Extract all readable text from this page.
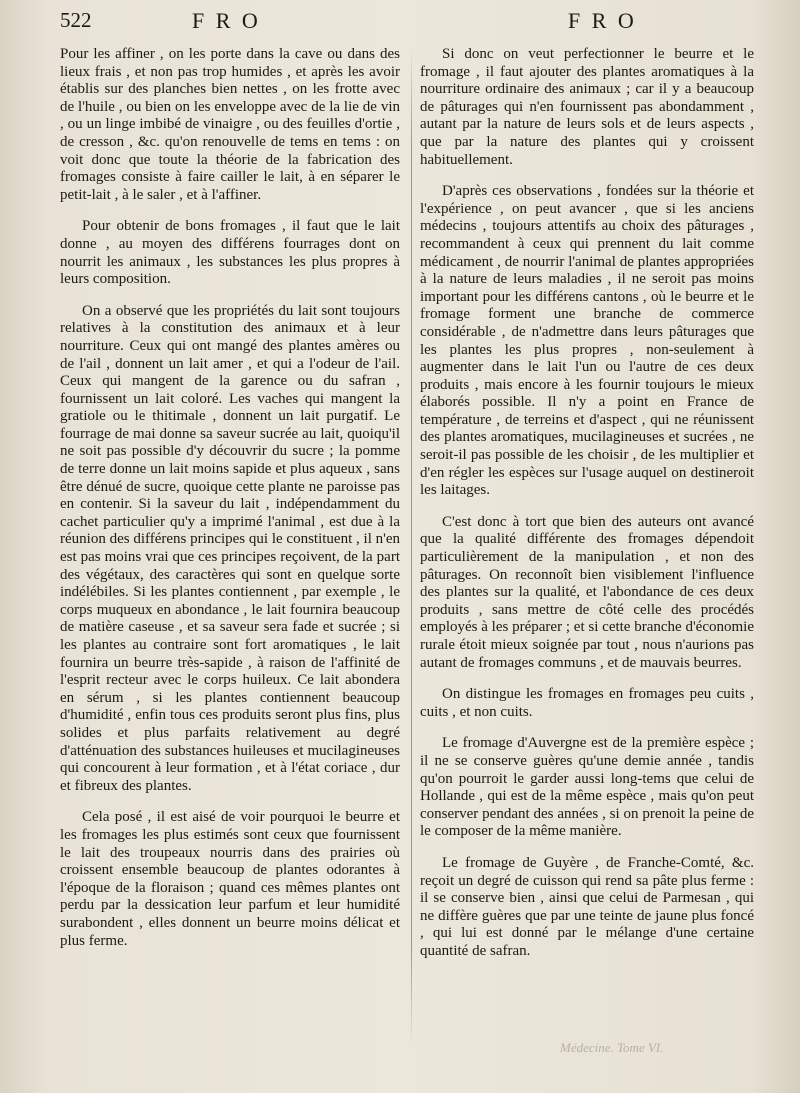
522	F R O	F R O

Pour les affiner , on les porte dans la cave ou dans des lieux frais , et non pas trop humides , et après les avoir établis sur des planches bien nettes , on les frotte avec de l'huile , ou bien on les enveloppe avec de la lie de vin , ou un linge imbibé de vinaigre , ou des feuilles d'ortie , de cresson , &c. qu'on renouvelle de tems en tems : on voit donc que toute la théorie de la fabrication des fromages consiste à faire cailler le lait, à en séparer le petit-lait , à le saler , et à l'affiner.

Pour obtenir de bons fromages , il faut que le lait donne , au moyen des différens fourrages dont on nourrit les animaux , les substances les plus propres à leurs composition.

On a observé que les propriétés du lait sont toujours relatives à la constitution des animaux et à leur nourriture. Ceux qui ont mangé des plantes amères ou de l'ail , donnent un lait amer , et qui a l'odeur de l'ail. Ceux qui mangent de la garence ou du safran , fournissent un lait coloré. Les vaches qui mangent la gratiole ou le thitimale , donnent un lait purgatif. Le fourrage de mai donne sa saveur sucrée au lait, quoiqu'il ne soit pas possible d'y découvrir du sucre ; la pomme de terre donne un lait moins sapide et plus aqueux , sans être dénué de sucre, quoique cette plante ne paroisse pas en contenir. Si la saveur du lait , indépendamment du cachet particulier qu'y a imprimé l'animal , est due à la réunion des différens principes qui le constituent , il n'en est pas moins vrai que ces principes reçoivent, de la part des végétaux, des caractères qui sont en quelque sorte indélébiles. Si les plantes contiennent , par exemple , le corps muqueux en abondance , le lait fournira beaucoup de matière caseuse , et sa saveur sera fade et sucrée ; si les plantes au contraire sont fort aromatiques , le lait fournira un beurre très-sapide , à raison de l'affinité de l'esprit recteur avec le corps huileux. Ce lait abondera en sérum , si les plantes contiennent beaucoup d'humidité , enfin tous ces produits seront plus fins, plus solides et plus parfaits relativement au degré d'atténuation des substances huileuses et mucilagineuses qui concourent à leur formation , et à l'état coriace , dur et fibreux des plantes.

Cela posé , il est aisé de voir pourquoi le beurre et les fromages les plus estimés sont ceux que fournissent le lait des troupeaux nourris dans des prairies où croissent ensemble beaucoup de plantes odorantes à l'époque de la floraison ; quand ces mêmes plantes ont perdu par la dessication leur parfum et leur humidité surabondent , elles donnent un beurre moins délicat et plus ferme.

Si donc on veut perfectionner le beurre et le fromage , il faut ajouter des plantes aromatiques à la nourriture ordinaire des animaux ; car il y a beaucoup de pâturages qui n'en fournissent pas abondamment , autant par la nature de leurs sols et de leurs aspects , que par la nature des plantes qui y croissent habituellement.

D'après ces observations , fondées sur la théorie et l'expérience , on peut avancer , que si les anciens médecins , toujours attentifs au choix des pâturages , recommandent à ceux qui prennent du lait comme médicament , de nourrir l'animal de plantes appropriées à la nature de leurs maladies , il ne seroit pas moins important pour les différens cantons , où le beurre et le fromage forment une branche de commerce considérable , de n'admettre dans leurs pâturages que les plantes les plus propres , non-seulement à augmenter dans le lait l'un ou l'autre de ces deux produits , mais encore à les fournir toujours le mieux élaborés possible. Il n'y a point en France de température , de terreins et d'aspect , qui ne réunissent des plantes aromatiques, mucilagineuses et sucrées , ne seroit-il pas possible de les choisir , de les multiplier et d'en régler les espèces sur l'usage auquel on destineroit les laitages.

C'est donc à tort que bien des auteurs ont avancé que la qualité différente des fromages dépendoit particulièrement de la manipulation , et non des pâturages. On reconnoît bien visiblement l'influence des plantes sur la qualité, et l'abondance de ces deux produits , sans mettre de côté celle des procédés employés à les préparer ; et si cette branche d'économie rurale étoit mieux soignée par tout , nous n'aurions pas autant de fromages communs , et de mauvais beurres.

On distingue les fromages en fromages peu cuits , cuits , et non cuits.

Le fromage d'Auvergne est de la première espèce ; il ne se conserve guères qu'une demie année , tandis qu'on pourroit le garder aussi long-tems que celui de Hollande , qui est de la même espèce , mais qu'on peut conserver pendant des années , si on prenoit la peine de le composer de la même manière.

Le fromage de Guyère , de Franche-Comté, &c. reçoit un degré de cuisson qui rend sa pâte plus ferme : il se conserve bien , ainsi que celui de Parmesan , qui ne diffère guères que par une teinte de jaune plus foncé , qui lui est donné par le mélange d'une certaine quantité de safran.

Médecine. Tome VI.
